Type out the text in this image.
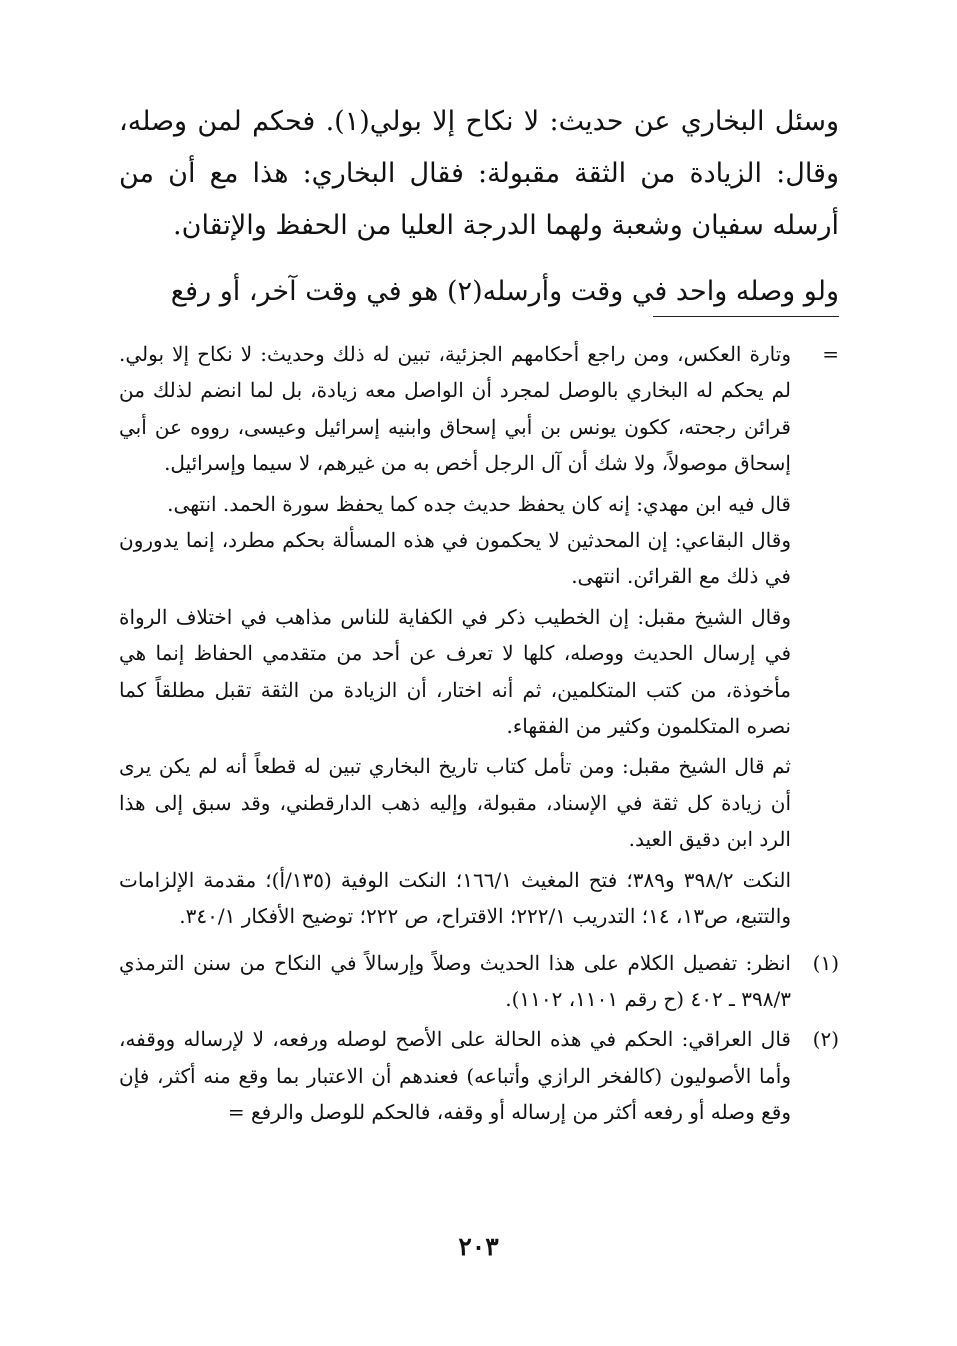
وسئل البخاري عن حديث: لا نكاح إلا بولي(١). فحكم لمن وصله، وقال: الزيادة من الثقة مقبولة: فقال البخاري: هذا مع أن من أرسله سفيان وشعبة ولهما الدرجة العليا من الحفظ والإتقان.

ولو وصله واحد في وقت وأرسله(٢) هو في وقت آخر، أو رفع

=

وتارة العكس، ومن راجع أحكامهم الجزئية، تبين له ذلك وحديث: لا نكاح إلا بولي. لم يحكم له البخاري بالوصل لمجرد أن الواصل معه زيادة، بل لما انضم لذلك من قرائن رجحته، ككون يونس بن أبي إسحاق وابنيه إسرائيل وعيسى، رووه عن أبي إسحاق موصولاً، ولا شك أن آل الرجل أخص به من غيرهم، لا سيما وإسرائيل.

قال فيه ابن مهدي: إنه كان يحفظ حديث جده كما يحفظ سورة الحمد. انتهى.

وقال البقاعي: إن المحدثين لا يحكمون في هذه المسألة بحكم مطرد، إنما يدورون في ذلك مع القرائن. انتهى.

وقال الشيخ مقبل: إن الخطيب ذكر في الكفاية للناس مذاهب في اختلاف الرواة في إرسال الحديث ووصله، كلها لا تعرف عن أحد من متقدمي الحفاظ إنما هي مأخوذة، من كتب المتكلمين، ثم أنه اختار، أن الزيادة من الثقة تقبل مطلقاً كما نصره المتكلمون وكثير من الفقهاء.

ثم قال الشيخ مقبل: ومن تأمل كتاب تاريخ البخاري تبين له قطعاً أنه لم يكن يرى أن زيادة كل ثقة في الإسناد، مقبولة، وإليه ذهب الدارقطني، وقد سبق إلى هذا الرد ابن دقيق العيد.

النكت ٣٩٨/٢ و٣٨٩؛ فتح المغيث ١٦٦/١؛ النكت الوفية (١٣٥/أ)؛ مقدمة الإلزامات والتتبع، ص١٣، ١٤؛ التدريب ٢٢٢/١؛ الاقتراح، ص ٢٢٢؛ توضيح الأفكار ٣٤٠/١.

(١)

انظر: تفصيل الكلام على هذا الحديث وصلاً وإرسالاً في النكاح من سنن الترمذي ٣٩٨/٣ ـ ٤٠٢ (ح رقم ١١٠١، ١١٠٢).

(٢)

قال العراقي: الحكم في هذه الحالة على الأصح لوصله ورفعه، لا لإرساله ووقفه، وأما الأصوليون (كالفخر الرازي وأتباعه) فعندهم أن الاعتبار بما وقع منه أكثر، فإن وقع وصله أو رفعه أكثر من إرساله أو وقفه، فالحكم للوصل والرفع =

٢٠٣
